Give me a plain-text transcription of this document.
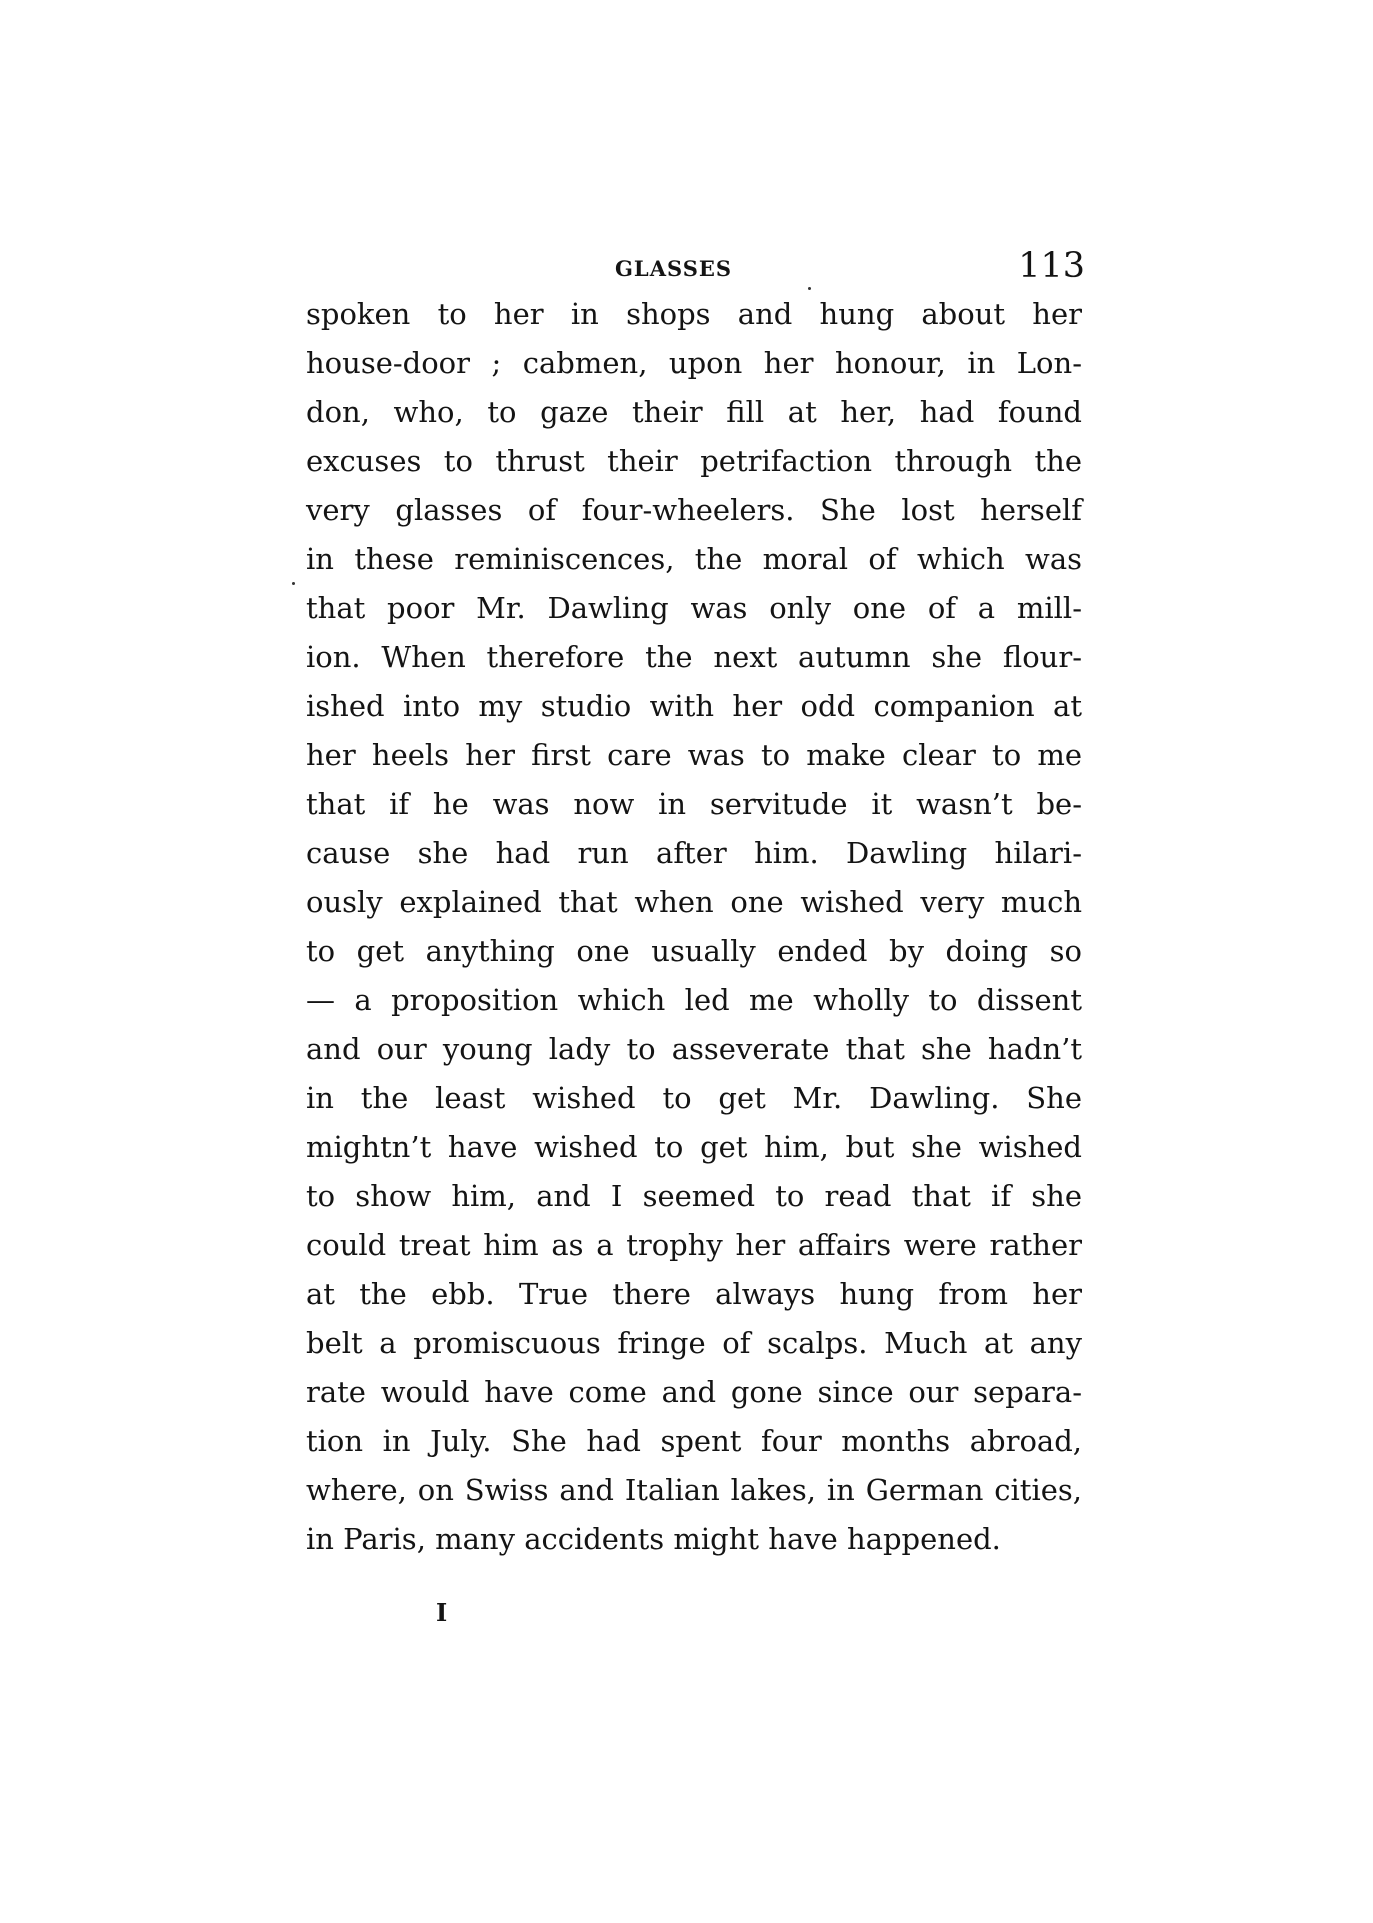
GLASSES	113
spoken to her in shops and hung about her
house-door ; cabmen, upon her honour, in Lon-
don, who, to gaze their fill at her, had found
excuses to thrust their petrifaction through the
very glasses of four-wheelers. She lost herself
in these reminiscences, the moral of which was
that poor Mr. Dawling was only one of a mill-
ion. When therefore the next autumn she flour-
ished into my studio with her odd companion at
her heels her first care was to make clear to me
that if he was now in servitude it wasn’t be-
cause she had run after him. Dawling hilari-
ously explained that when one wished very much
to get anything one usually ended by doing so
— a proposition which led me wholly to dissent
and our young lady to asseverate that she hadn’t
in the least wished to get Mr. Dawling. She
mightn’t have wished to get him, but she wished
to show him, and I seemed to read that if she
could treat him as a trophy her affairs were rather
at the ebb. True there always hung from her
belt a promiscuous fringe of scalps. Much at any
rate would have come and gone since our separa-
tion in July. She had spent four months abroad,
where, on Swiss and Italian lakes, in German cities,
in Paris, many accidents might have happened.
I
